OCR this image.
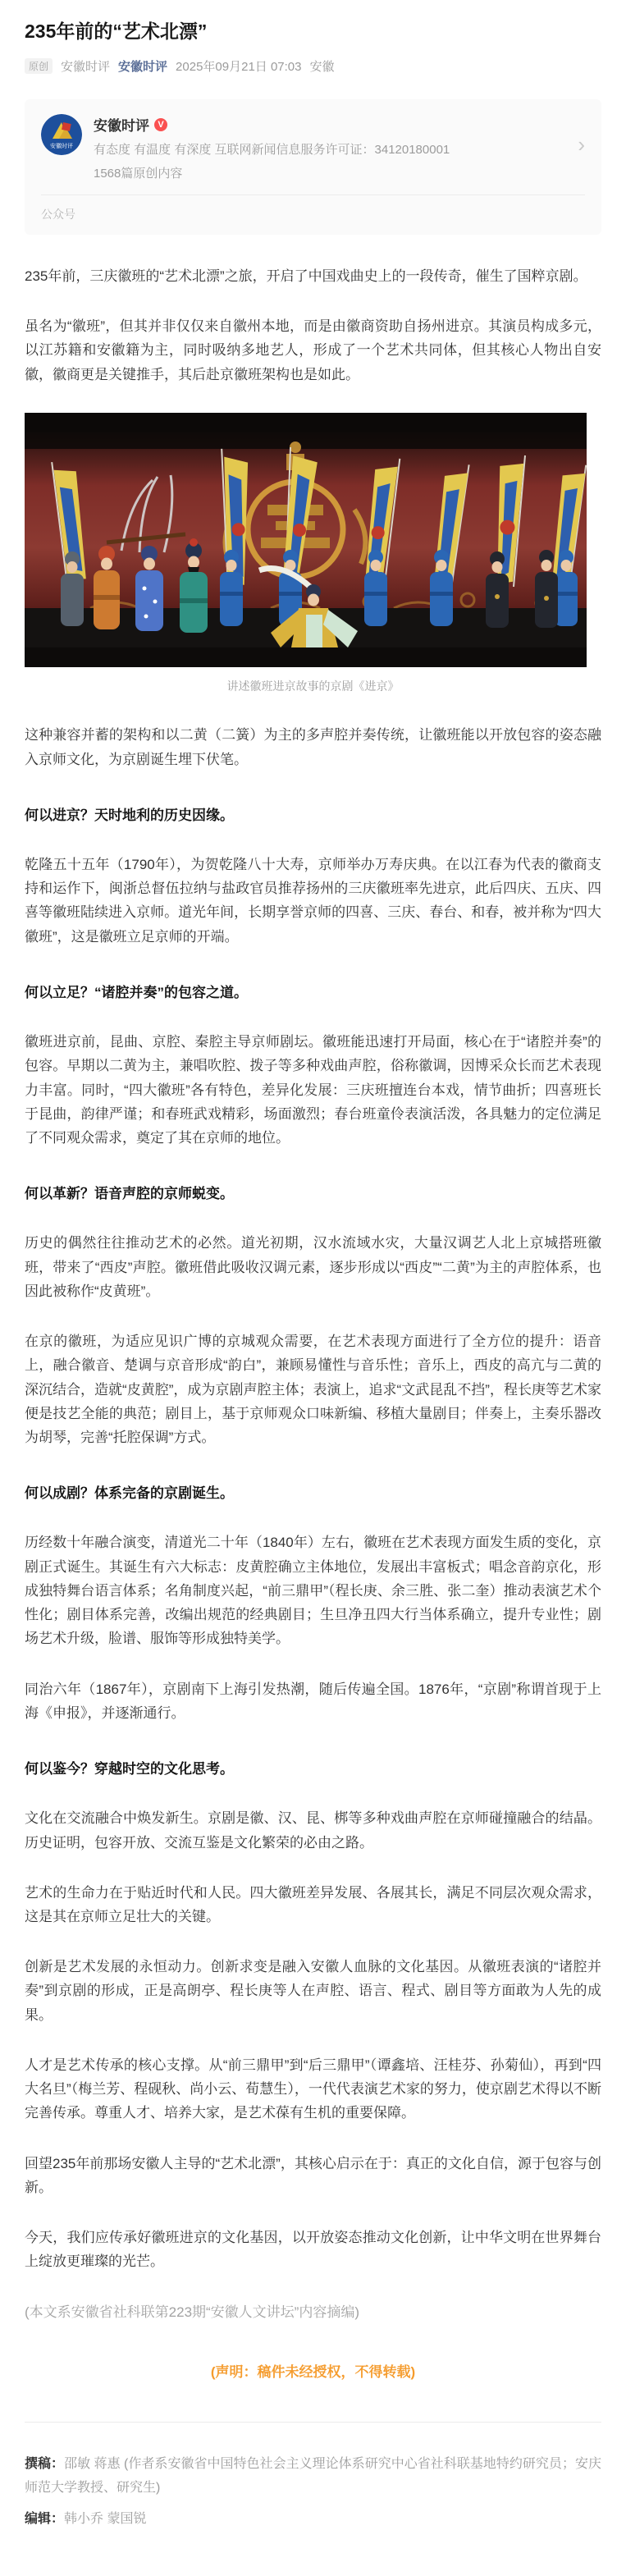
235年前的“艺术北漂”
原创	安徽时评 安徽时评 2025年09月21日 07:03 安徽
安徽时评
安徽时评 V
有态度 有温度 有深度 互联网新闻信息服务许可证：34120180001
1568篇原创内容
›
公众号

235年前，三庆徽班的“艺术北漂”之旅，开启了中国戏曲史上的一段传奇，催生了国粹京剧。

虽名为“徽班”，但其并非仅仅来自徽州本地，而是由徽商资助自扬州进京。其演员构成多元，以江苏籍和安徽籍为主，同时吸纳多地艺人，形成了一个艺术共同体，但其核心人物出自安徽，徽商更是关键推手，其后赴京徽班架构也是如此。

讲述徽班进京故事的京剧《进京》

这种兼容并蓄的架构和以二黄（二簧）为主的多声腔并奏传统，让徽班能以开放包容的姿态融入京师文化，为京剧诞生埋下伏笔。

何以进京？天时地利的历史因缘。

乾隆五十五年（1790年），为贺乾隆八十大寿，京师举办万寿庆典。在以江春为代表的徽商支持和运作下，闽浙总督伍拉纳与盐政官员推荐扬州的三庆徽班率先进京，此后四庆、五庆、四喜等徽班陆续进入京师。道光年间，长期享誉京师的四喜、三庆、春台、和春，被并称为“四大徽班”，这是徽班立足京师的开端。

何以立足？“诸腔并奏”的包容之道。

徽班进京前，昆曲、京腔、秦腔主导京师剧坛。徽班能迅速打开局面，核心在于“诸腔并奏”的包容。早期以二黄为主，兼唱吹腔、拨子等多种戏曲声腔，俗称徽调，因博采众长而艺术表现力丰富。同时，“四大徽班”各有特色，差异化发展：三庆班擅连台本戏，情节曲折；四喜班长于昆曲，韵律严谨；和春班武戏精彩，场面激烈；春台班童伶表演活泼，各具魅力的定位满足了不同观众需求，奠定了其在京师的地位。

何以革新？语音声腔的京师蜕变。

历史的偶然往往推动艺术的必然。道光初期，汉水流域水灾，大量汉调艺人北上京城搭班徽班，带来了“西皮”声腔。徽班借此吸收汉调元素，逐步形成以“西皮”“二黄”为主的声腔体系，也因此被称作“皮黄班”。

在京的徽班，为适应见识广博的京城观众需要，在艺术表现方面进行了全方位的提升：语音上，融合徽音、楚调与京音形成“韵白”，兼顾易懂性与音乐性；音乐上，西皮的高亢与二黄的深沉结合，造就“皮黄腔”，成为京剧声腔主体；表演上，追求“文武昆乱不挡”，程长庚等艺术家便是技艺全能的典范；剧目上，基于京师观众口味新编、移植大量剧目；伴奏上，主奏乐器改为胡琴，完善“托腔保调”方式。

何以成剧？体系完备的京剧诞生。

历经数十年融合演变，清道光二十年（1840年）左右，徽班在艺术表现方面发生质的变化，京剧正式诞生。其诞生有六大标志：皮黄腔确立主体地位，发展出丰富板式；唱念音韵京化，形成独特舞台语言体系；名角制度兴起，“前三鼎甲”（程长庚、余三胜、张二奎）推动表演艺术个性化；剧目体系完善，改编出规范的经典剧目；生旦净丑四大行当体系确立，提升专业性；剧场艺术升级，脸谱、服饰等形成独特美学。

同治六年（1867年），京剧南下上海引发热潮，随后传遍全国。1876年，“京剧”称谓首现于上海《申报》，并逐渐通行。

何以鉴今？穿越时空的文化思考。

文化在交流融合中焕发新生。京剧是徽、汉、昆、梆等多种戏曲声腔在京师碰撞融合的结晶。历史证明，包容开放、交流互鉴是文化繁荣的必由之路。

艺术的生命力在于贴近时代和人民。四大徽班差异发展、各展其长，满足不同层次观众需求，这是其在京师立足壮大的关键。

创新是艺术发展的永恒动力。创新求变是融入安徽人血脉的文化基因。从徽班表演的“诸腔并奏”到京剧的形成，正是高朗亭、程长庚等人在声腔、语言、程式、剧目等方面敢为人先的成果。

人才是艺术传承的核心支撑。从“前三鼎甲”到“后三鼎甲”（谭鑫培、汪桂芬、孙菊仙），再到“四大名旦”（梅兰芳、程砚秋、尚小云、荀慧生），一代代表演艺术家的努力，使京剧艺术得以不断完善传承。尊重人才、培养大家，是艺术葆有生机的重要保障。

回望235年前那场安徽人主导的“艺术北漂”，其核心启示在于：真正的文化自信，源于包容与创新。

今天，我们应传承好徽班进京的文化基因，以开放姿态推动文化创新，让中华文明在世界舞台上绽放更璀璨的光芒。

(本文系安徽省社科联第223期“安徽人文讲坛”内容摘编)

(声明：稿件未经授权，不得转载)

撰稿：邵敏 蒋惠 (作者系安徽省中国特色社会主义理论体系研究中心省社科联基地特约研究员；安庆师范大学教授、研究生)

编辑：韩小乔 蒙国锐
